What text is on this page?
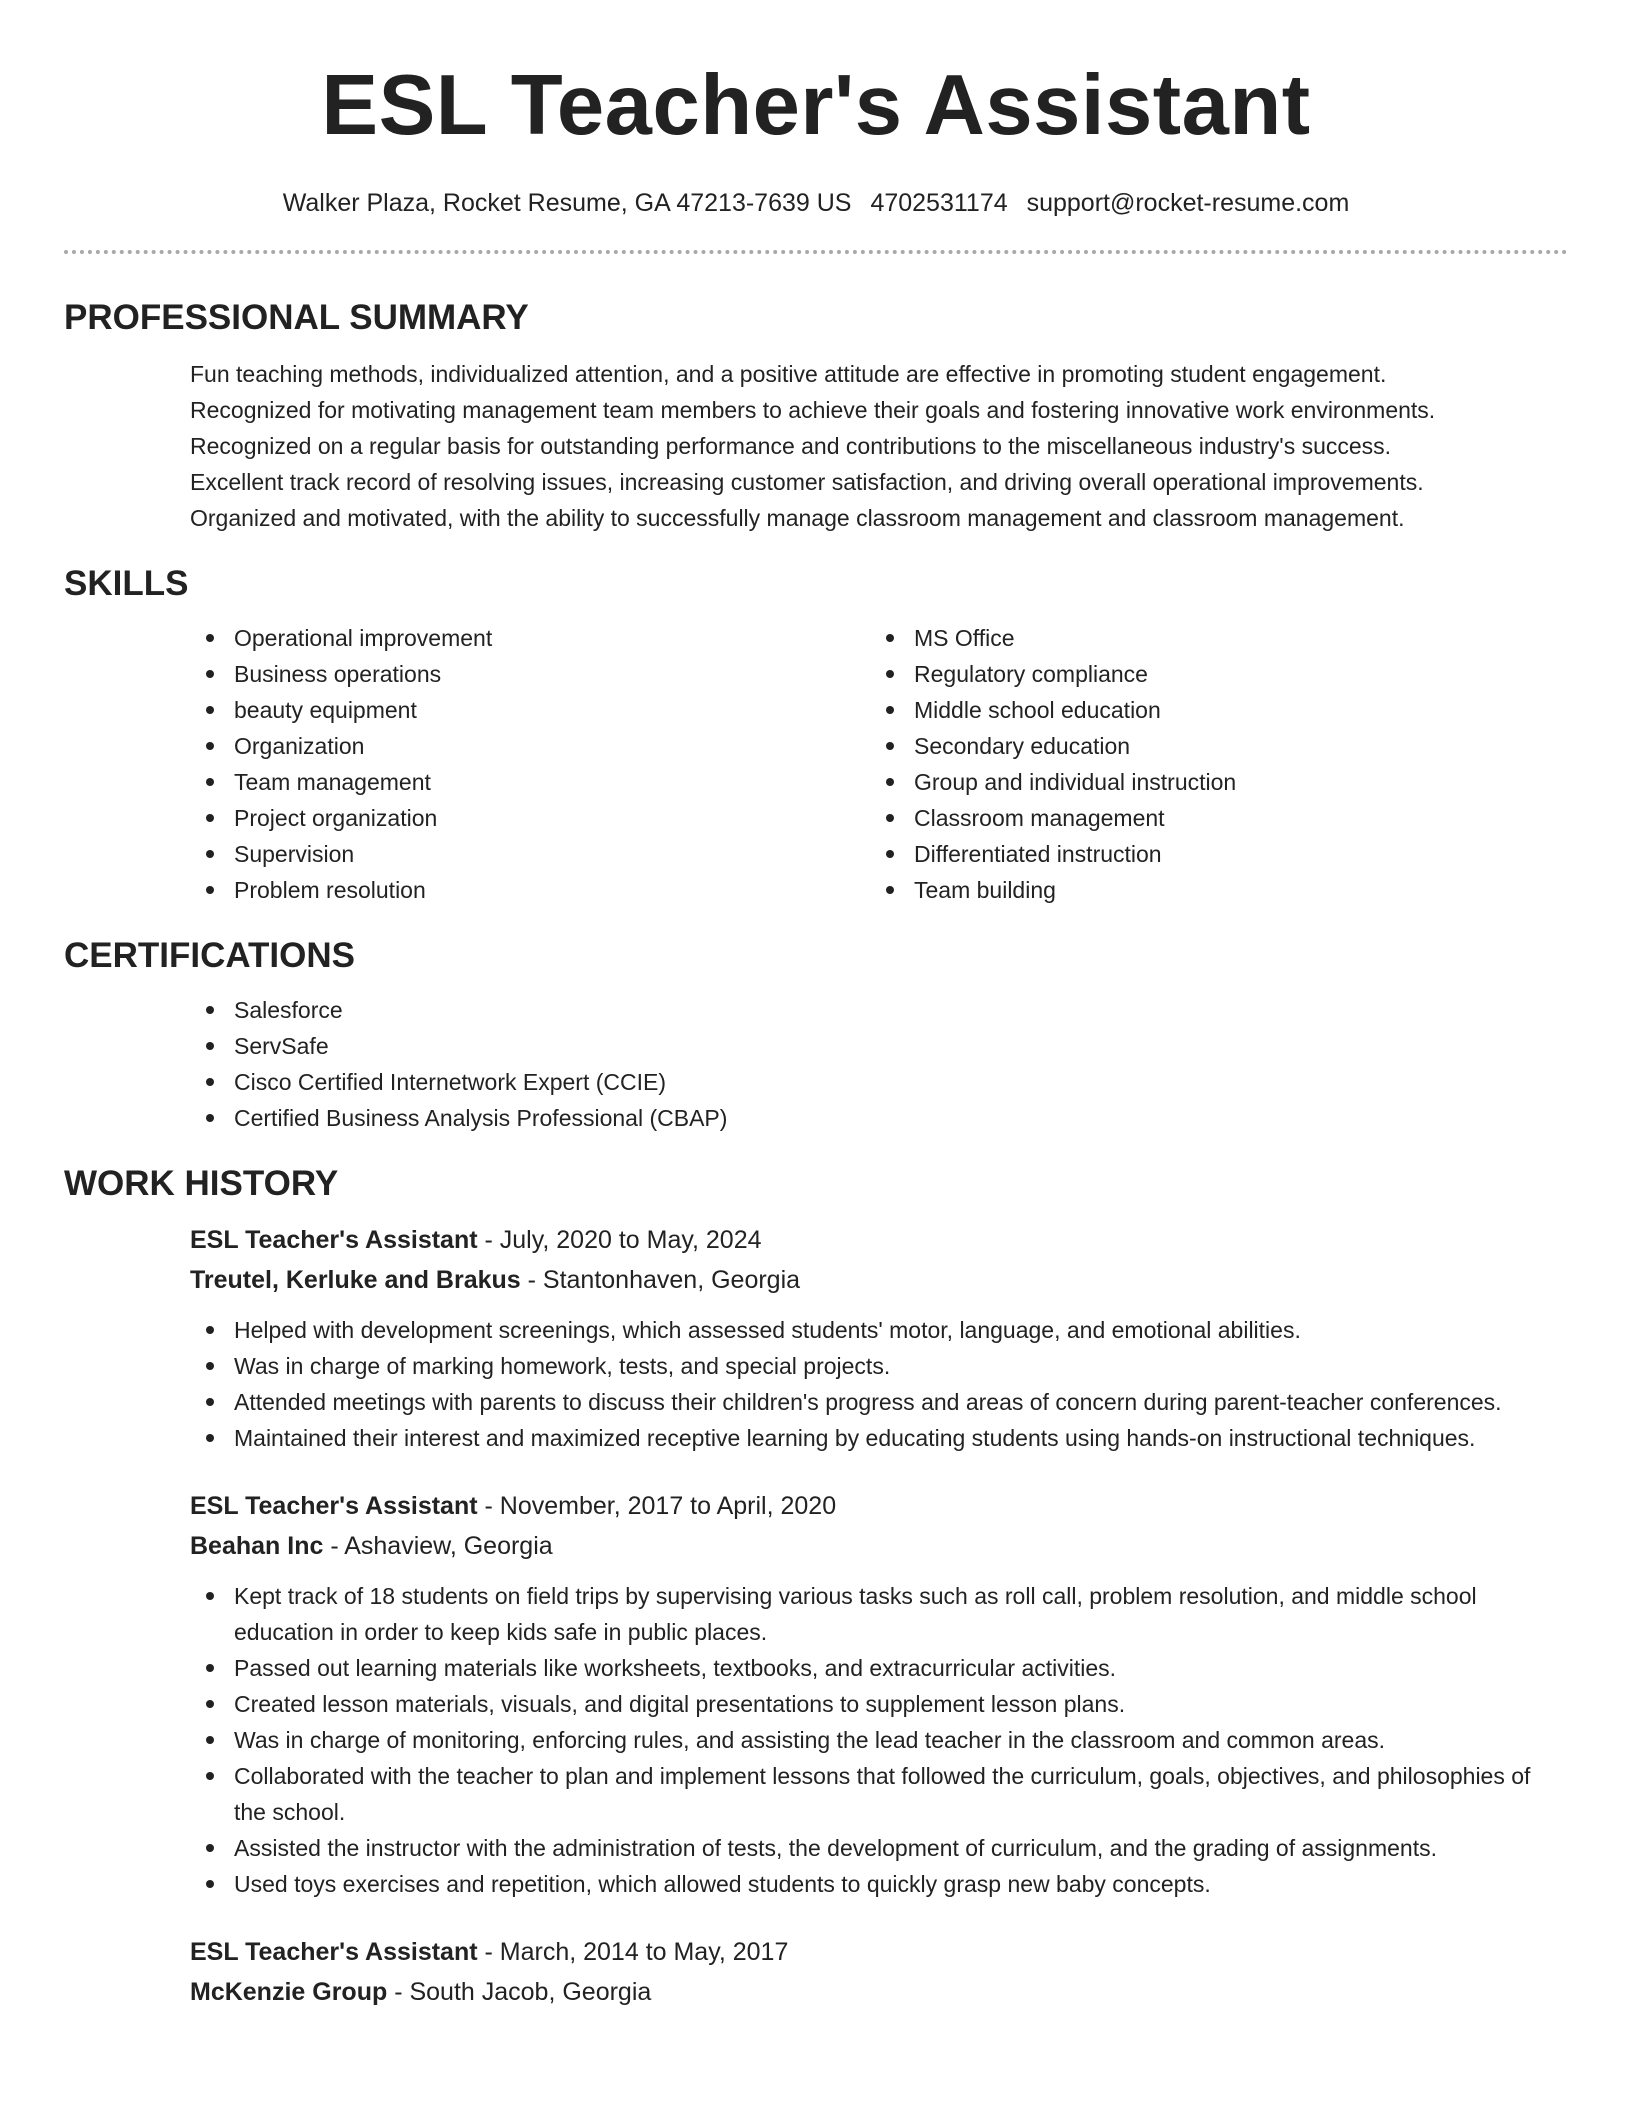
ESL Teacher's Assistant
Walker Plaza, Rocket Resume, GA 47213-7639 US 4702531174 support@rocket-resume.com
PROFESSIONAL SUMMARY
Fun teaching methods, individualized attention, and a positive attitude are effective in promoting student engagement.
Recognized for motivating management team members to achieve their goals and fostering innovative work environments.
Recognized on a regular basis for outstanding performance and contributions to the miscellaneous industry's success.
Excellent track record of resolving issues, increasing customer satisfaction, and driving overall operational improvements.
Organized and motivated, with the ability to successfully manage classroom management and classroom management.
SKILLS
Operational improvement
Business operations
beauty equipment
Organization
Team management
Project organization
Supervision
Problem resolution
MS Office
Regulatory compliance
Middle school education
Secondary education
Group and individual instruction
Classroom management
Differentiated instruction
Team building
CERTIFICATIONS
Salesforce
ServSafe
Cisco Certified Internetwork Expert (CCIE)
Certified Business Analysis Professional (CBAP)
WORK HISTORY
ESL Teacher's Assistant - July, 2020 to May, 2024
Treutel, Kerluke and Brakus - Stantonhaven, Georgia
Helped with development screenings, which assessed students' motor, language, and emotional abilities.
Was in charge of marking homework, tests, and special projects.
Attended meetings with parents to discuss their children's progress and areas of concern during parent-teacher conferences.
Maintained their interest and maximized receptive learning by educating students using hands-on instructional techniques.
ESL Teacher's Assistant - November, 2017 to April, 2020
Beahan Inc - Ashaview, Georgia
Kept track of 18 students on field trips by supervising various tasks such as roll call, problem resolution, and middle school education in order to keep kids safe in public places.
Passed out learning materials like worksheets, textbooks, and extracurricular activities.
Created lesson materials, visuals, and digital presentations to supplement lesson plans.
Was in charge of monitoring, enforcing rules, and assisting the lead teacher in the classroom and common areas.
Collaborated with the teacher to plan and implement lessons that followed the curriculum, goals, objectives, and philosophies of the school.
Assisted the instructor with the administration of tests, the development of curriculum, and the grading of assignments.
Used toys exercises and repetition, which allowed students to quickly grasp new baby concepts.
ESL Teacher's Assistant - March, 2014 to May, 2017
McKenzie Group - South Jacob, Georgia
